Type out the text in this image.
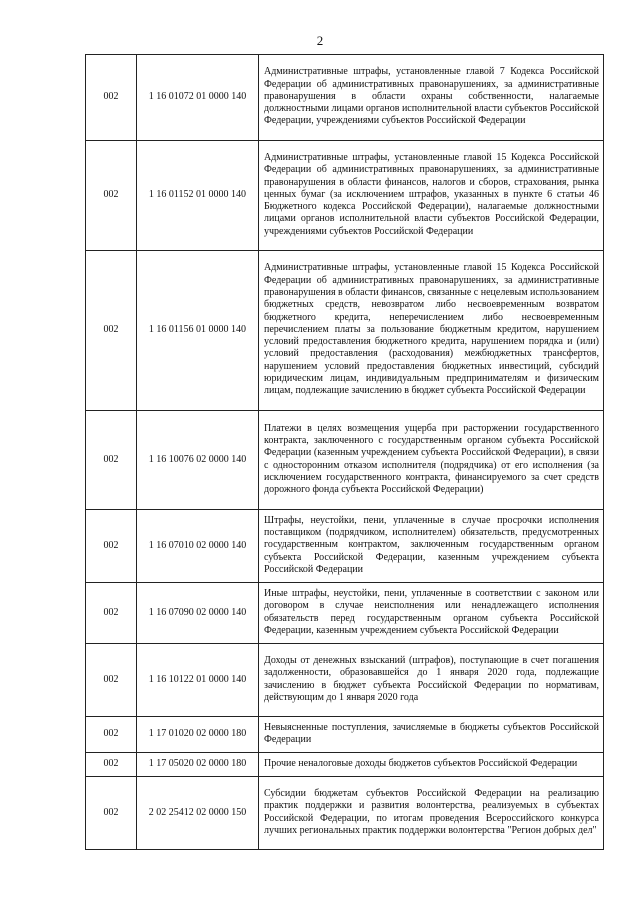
2
002	1 16 01072 01 0000 140	Административные штрафы, установленные главой 7 Кодекса Российской Федерации об административных правонарушениях, за административные правонарушения в области охраны собственности, налагаемые должностными лицами органов исполнительной власти субъектов Российской Федерации, учреждениями субъектов Российской Федерации
002	1 16 01152 01 0000 140	Административные штрафы, установленные главой 15 Кодекса Российской Федерации об административных правонарушениях, за административные правонарушения в области финансов, налогов и сборов, страхования, рынка ценных бумаг (за исключением штрафов, указанных в пункте 6 статьи 46 Бюджетного кодекса Российской Федерации), налагаемые должностными лицами органов исполнительной власти субъектов Российской Федерации, учреждениями субъектов Российской Федерации
002	1 16 01156 01 0000 140	Административные штрафы, установленные главой 15 Кодекса Российской Федерации об административных правонарушениях, за административные правонарушения в области финансов, связанные с нецелевым использованием бюджетных средств, невозвратом либо несвоевременным возвратом бюджетного кредита, неперечислением либо несвоевременным перечислением платы за пользование бюджетным кредитом, нарушением условий предоставления бюджетного кредита, нарушением порядка и (или) условий предоставления (расходования) межбюджетных трансфертов, нарушением условий предоставления бюджетных инвестиций, субсидий юридическим лицам, индивидуальным предпринимателям и физическим лицам, подлежащие зачислению в бюджет субъекта Российской Федерации
002	1 16 10076 02 0000 140	Платежи в целях возмещения ущерба при расторжении государственного контракта, заключенного с государственным органом субъекта Российской Федерации (казенным учреждением субъекта Российской Федерации), в связи с односторонним отказом исполнителя (подрядчика) от его исполнения (за исключением государственного контракта, финансируемого за счет средств дорожного фонда субъекта Российской Федерации)
002	1 16 07010 02 0000 140	Штрафы, неустойки, пени, уплаченные в случае просрочки исполнения поставщиком (подрядчиком, исполнителем) обязательств, предусмотренных государственным контрактом, заключенным государственным органом субъекта Российской Федерации, казенным учреждением субъекта Российской Федерации
002	1 16 07090 02 0000 140	Иные штрафы, неустойки, пени, уплаченные в соответствии с законом или договором в случае неисполнения или ненадлежащего исполнения обязательств перед государственным органом субъекта Российской Федерации, казенным учреждением субъекта Российской Федерации
002	1 16 10122 01 0000 140	Доходы от денежных взысканий (штрафов), поступающие в счет погашения задолженности, образовавшейся до 1 января 2020 года, подлежащие зачислению в бюджет субъекта Российской Федерации по нормативам, действующим до 1 января 2020 года
002	1 17 01020 02 0000 180	Невыясненные поступления, зачисляемые в бюджеты субъектов Российской Федерации
002	1 17 05020 02 0000 180	Прочие неналоговые доходы бюджетов субъектов Российской Федерации
002	2 02 25412 02 0000 150	Субсидии бюджетам субъектов Российской Федерации на реализацию практик поддержки и развития волонтерства, реализуемых в субъектах Российской Федерации, по итогам проведения Всероссийского конкурса лучших региональных практик поддержки волонтерства "Регион добрых дел"
